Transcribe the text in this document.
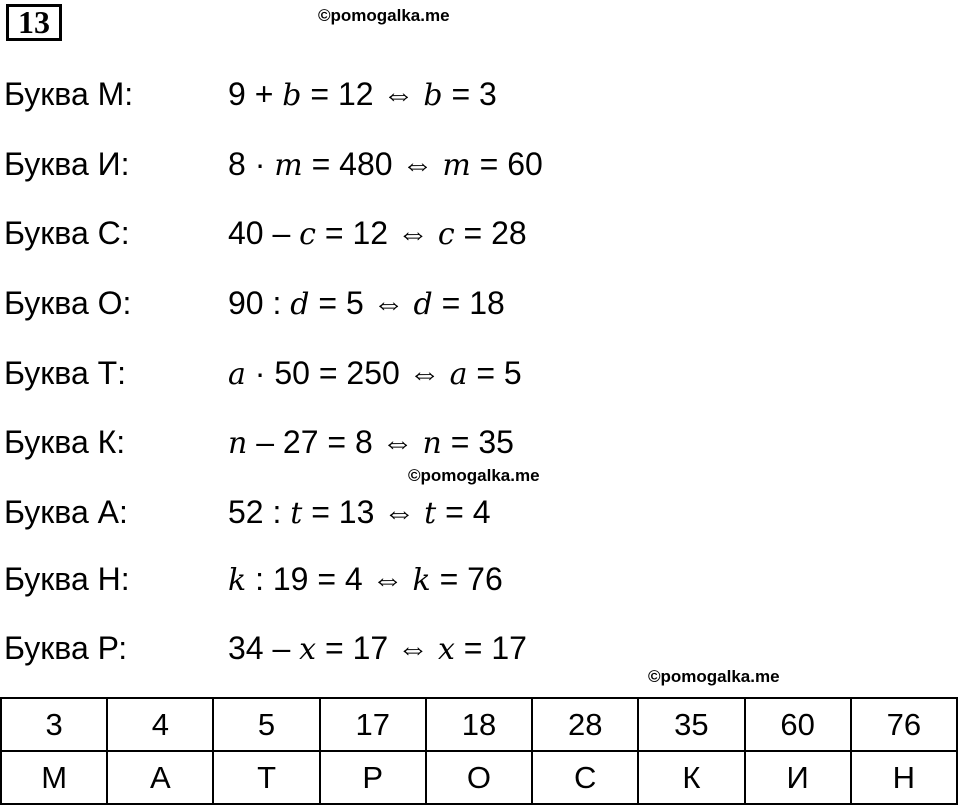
13	©pomogalka.me
©pomogalka.me
©pomogalka.me
Буква М:	9 + b = 12 ⇔ b = 3
Буква И:	8 · m = 480 ⇔ m = 60
Буква С:	40 – c = 12 ⇔ c = 28
Буква О:	90 : d = 5 ⇔ d = 18
Буква Т:	a · 50 = 250 ⇔ a = 5
Буква К:	n – 27 = 8 ⇔ n = 35
Буква А:	52 : t = 13 ⇔ t = 4
Буква Н:	k : 19 = 4 ⇔ k = 76
Буква Р:	34 – x = 17 ⇔ x = 17
3	4	5	17	18	28	35	60	76
М	А	Т	Р	О	С	К	И	Н
